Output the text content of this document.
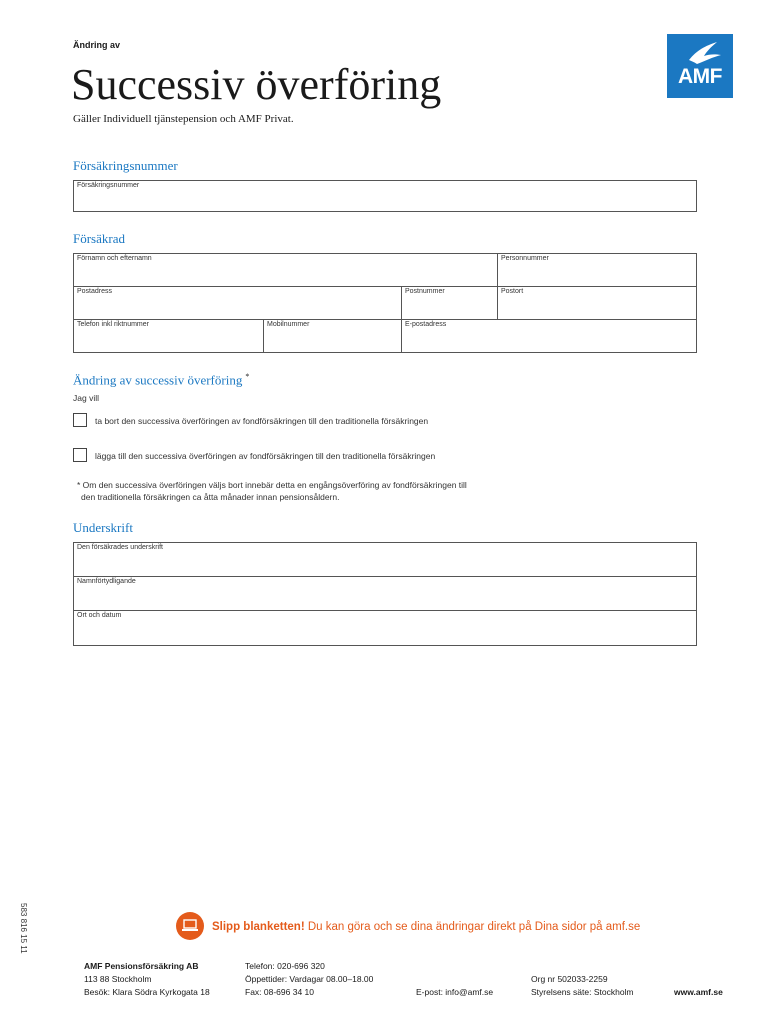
Ändring av
Successiv överföring
Gäller Individuell tjänstepension och AMF Privat.
AMF
Försäkringsnummer
Försäkringsnummer
Försäkrad
Förnamn och efternamn	Personnummer
Postadress	Postnummer	Postort
Telefon inkl riktnummer	Mobilnummer	E-postadress
Ändring av successiv överföring *
Jag vill
ta bort den successiva överföringen av fondförsäkringen till den traditionella försäkringen
lägga till den successiva överföringen av fondförsäkringen till den traditionella försäkringen
* Om den successiva överföringen väljs bort innebär detta en engångsöverföring av fondförsäkringen till
den traditionella försäkringen ca åtta månader innan pensionsåldern.
Underskrift
Den försäkrades underskrift
Namnförtydligande
Ort och datum
583 816 15 11	Slipp blanketten! Du kan göra och se dina ändringar direkt på Dina sidor på amf.se
AMF Pensionsförsäkring AB
113 88 Stockholm
Besök: Klara Södra Kyrkogata 18
Telefon: 020-696 320
Öppettider: Vardagar 08.00–18.00
Fax: 08-696 34 10	E-post: info@amf.se
Org nr 502033-2259
Styrelsens säte: Stockholm	www.amf.se
